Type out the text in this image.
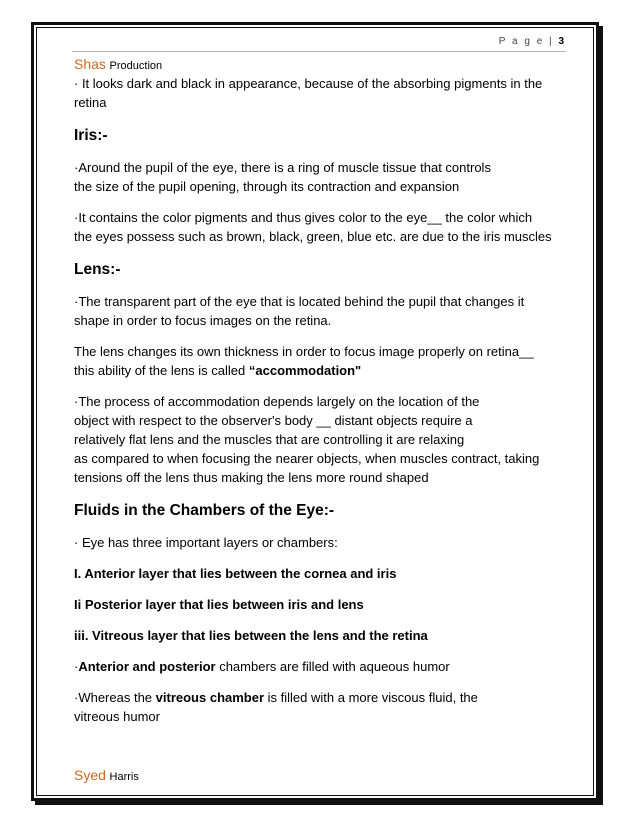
P a g e | 3
Shas Production

· It looks dark and black in appearance, because of the absorbing pigments in the
retina

Iris:-

·Around the pupil of the eye, there is a ring of muscle tissue that controls
the size of the pupil opening, through its contraction and expansion

·It contains the color pigments and thus gives color to the eye__ the color which
the eyes possess such as brown, black, green, blue etc. are due to the iris muscles

Lens:-

·The transparent part of the eye that is located behind the pupil that changes it
shape in order to focus images on the retina.

The lens changes its own thickness in order to focus image properly on retina__
this ability of the lens is called “accommodation"

·The process of accommodation depends largely on the location of the
object with respect to the observer's body __ distant objects require a
relatively flat lens and the muscles that are controlling it are relaxing
as compared to when focusing the nearer objects, when muscles contract, taking
tensions off the lens thus making the lens more round shaped

Fluids in the Chambers of the Eye:-

· Eye has three important layers or chambers:

I. Anterior layer that lies between the cornea and iris

Ii Posterior layer that lies between iris and lens

iii. Vitreous layer that lies between the lens and the retina

·Anterior and posterior chambers are filled with aqueous humor

·Whereas the vitreous chamber is filled with a more viscous fluid, the
vitreous humor

Syed Harris
